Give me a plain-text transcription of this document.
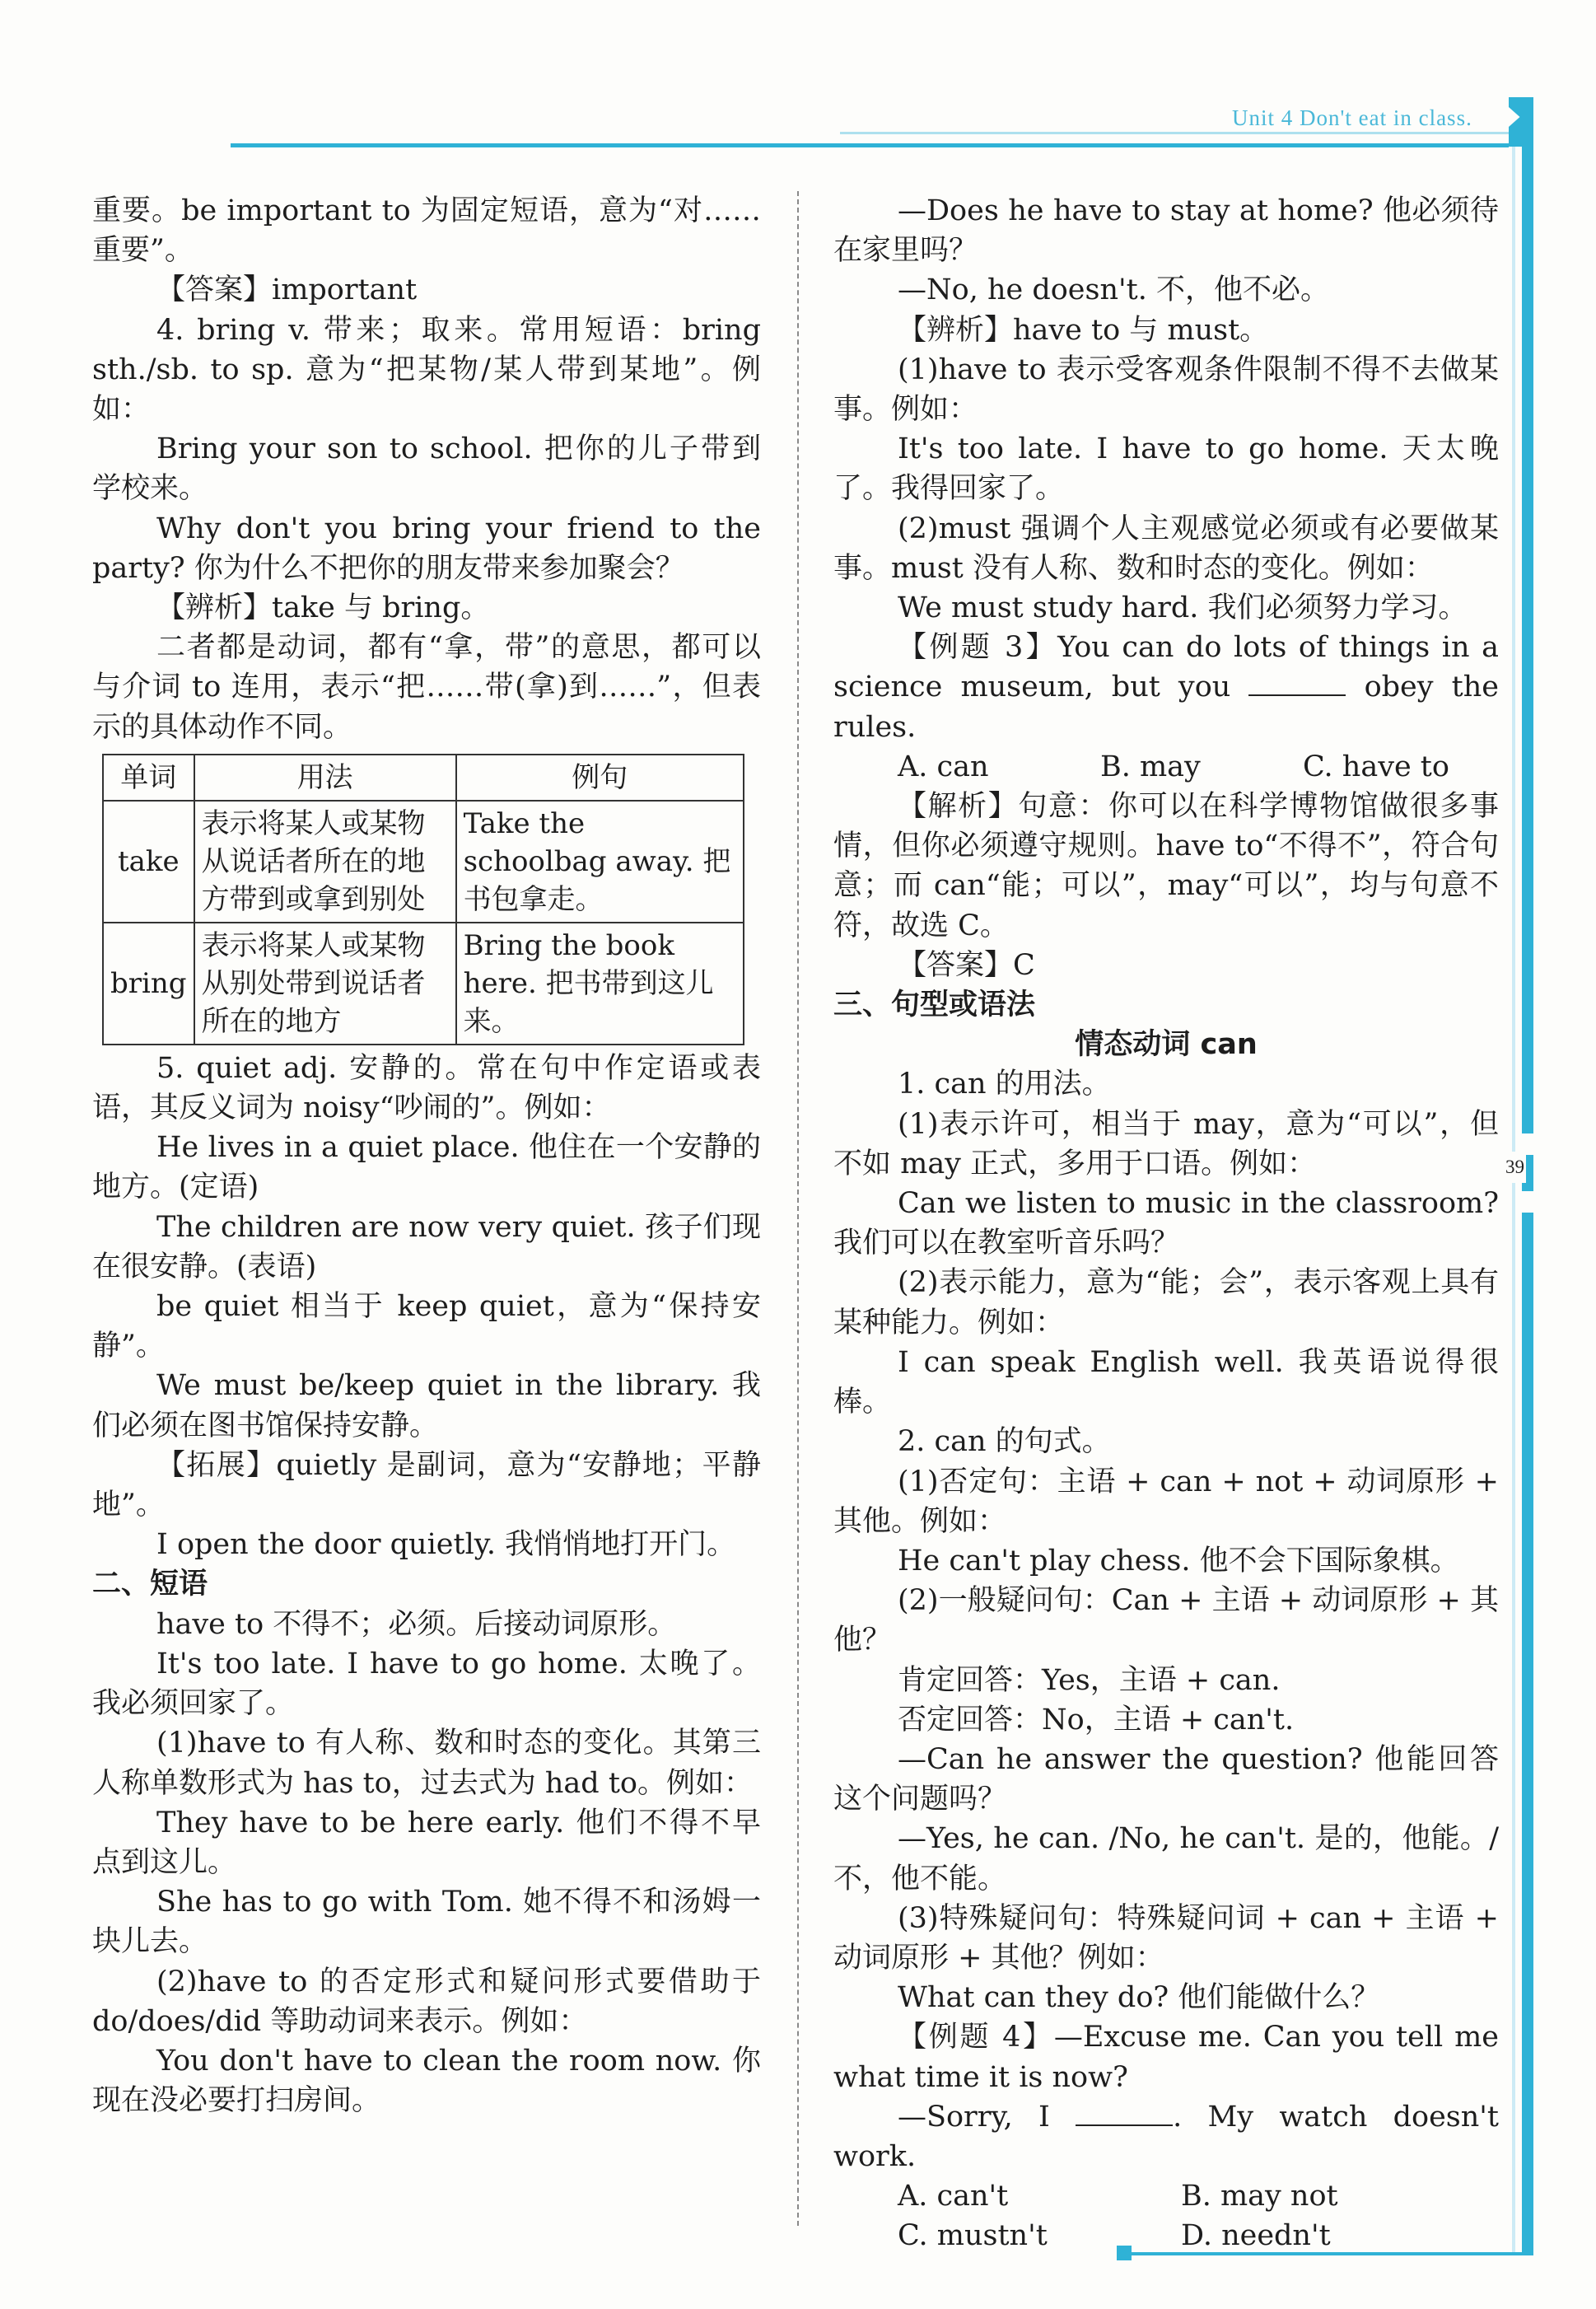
Unit 4 Don't eat in class.
39

重要。be important to 为固定短语，意为“对……重要”。

【答案】important

4. bring v. 带来；取来。常用短语：bring sth./sb. to sp. 意为“把某物/某人带到某地”。例如：

Bring your son to school. 把你的儿子带到学校来。

Why don't you bring your friend to the party? 你为什么不把你的朋友带来参加聚会？

【辨析】take 与 bring。

二者都是动词，都有“拿，带”的意思，都可以与介词 to 连用，表示“把……带(拿)到……”，但表示的具体动作不同。

单词	用法	例句
take	表示将某人或某物从说话者所在的地方带到或拿到别处	Take the schoolbag away. 把书包拿走。
bring	表示将某人或某物从别处带到说话者所在的地方	Bring the book here. 把书带到这儿来。

5. quiet adj. 安静的。常在句中作定语或表语，其反义词为 noisy“吵闹的”。例如：

He lives in a quiet place. 他住在一个安静的地方。(定语)

The children are now very quiet. 孩子们现在很安静。(表语)

be quiet 相当于 keep quiet，意为“保持安静”。

We must be/keep quiet in the library. 我们必须在图书馆保持安静。

【拓展】quietly 是副词，意为“安静地；平静地”。

I open the door quietly. 我悄悄地打开门。

二、短语

have to 不得不；必须。后接动词原形。

It's too late. I have to go home. 太晚了。我必须回家了。

(1)have to 有人称、数和时态的变化。其第三人称单数形式为 has to，过去式为 had to。例如：

They have to be here early. 他们不得不早点到这儿。

She has to go with Tom. 她不得不和汤姆一块儿去。

(2)have to 的否定形式和疑问形式要借助于 do/does/did 等助动词来表示。例如：

You don't have to clean the room now. 你现在没必要打扫房间。

—Does he have to stay at home? 他必须待在家里吗？

—No, he doesn't. 不，他不必。

【辨析】have to 与 must。

(1)have to 表示受客观条件限制不得不去做某事。例如：

It's too late. I have to go home. 天太晚了。我得回家了。

(2)must 强调个人主观感觉必须或有必要做某事。must 没有人称、数和时态的变化。例如：

We must study hard. 我们必须努力学习。

【例题 3】You can do lots of things in a science museum, but you	obey the rules.

A. can	B. may	C. have to

【解析】句意：你可以在科学博物馆做很多事情，但你必须遵守规则。have to“不得不”，符合句意；而 can“能；可以”，may“可以”，均与句意不符，故选 C。

【答案】C

三、句型或语法

情态动词 can

1. can 的用法。

(1)表示许可，相当于 may，意为“可以”，但不如 may 正式，多用于口语。例如：

Can we listen to music in the classroom? 我们可以在教室听音乐吗？

(2)表示能力，意为“能；会”，表示客观上具有某种能力。例如：

I can speak English well. 我英语说得很棒。

2. can 的句式。

(1)否定句：主语 + can + not + 动词原形 + 其他。例如：

He can't play chess. 他不会下国际象棋。

(2)一般疑问句：Can + 主语 + 动词原形 + 其他？

肯定回答：Yes，主语 + can.

否定回答：No，主语 + can't.

—Can he answer the question? 他能回答这个问题吗？

—Yes, he can. /No, he can't. 是的，他能。/不，他不能。

(3)特殊疑问句：特殊疑问词 + can + 主语 + 动词原形 + 其他？例如：

What can they do? 他们能做什么？

【例题 4】—Excuse me. Can you tell me what time it is now?

—Sorry, I	. My watch doesn't work.

A. can't	B. may not
C. mustn't	D. needn't
